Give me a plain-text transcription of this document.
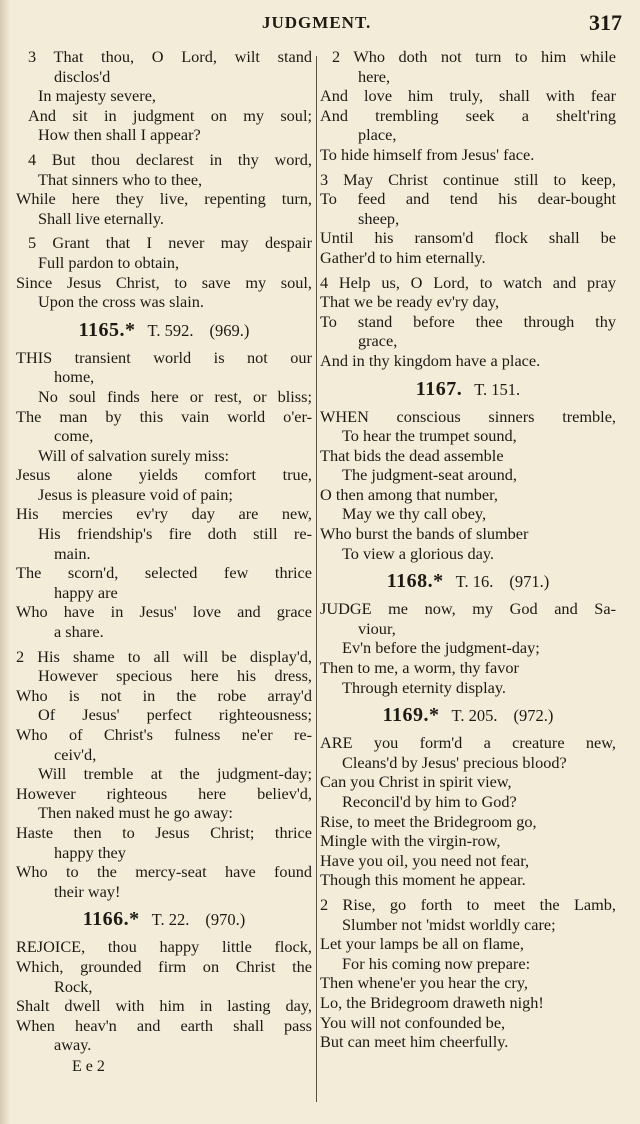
JUDGMENT.	317
3 That thou, O Lord, wilt stand
disclos'd
In majesty severe,
And sit in judgment on my soul;
How then shall I appear?
4 But thou declarest in thy word,
That sinners who to thee,
While here they live, repenting turn,
Shall live eternally.
5 Grant that I never may despair
Full pardon to obtain,
Since Jesus Christ, to save my soul,
Upon the cross was slain.
1165.* T. 592. (969.)
THIS transient world is not our
home,
No soul finds here or rest, or bliss;
The man by this vain world o'er-
come,
Will of salvation surely miss:
Jesus alone yields comfort true,
Jesus is pleasure void of pain;
His mercies ev'ry day are new,
His friendship's fire doth still re-
main.
The scorn'd, selected few thrice
happy are
Who have in Jesus' love and grace
a share.
2 His shame to all will be display'd,
However specious here his dress,
Who is not in the robe array'd
Of Jesus' perfect righteousness;
Who of Christ's fulness ne'er re-
ceiv'd,
Will tremble at the judgment-day;
However righteous here believ'd,
Then naked must he go away:
Haste then to Jesus Christ; thrice
happy they
Who to the mercy-seat have found
their way!
1166.* T. 22. (970.)
REJOICE, thou happy little flock,
Which, grounded firm on Christ the
Rock,
Shalt dwell with him in lasting day,
When heav'n and earth shall pass
away.
E e 2
2 Who doth not turn to him while
here,
And love him truly, shall with fear
And trembling seek a shelt'ring
place,
To hide himself from Jesus' face.
3 May Christ continue still to keep,
To feed and tend his dear-bought
sheep,
Until his ransom'd flock shall be
Gather'd to him eternally.
4 Help us, O Lord, to watch and pray
That we be ready ev'ry day,
To stand before thee through thy
grace,
And in thy kingdom have a place.
1167. T. 151.
WHEN conscious sinners tremble,
To hear the trumpet sound,
That bids the dead assemble
The judgment-seat around,
O then among that number,
May we thy call obey,
Who burst the bands of slumber
To view a glorious day.
1168.* T. 16. (971.)
JUDGE me now, my God and Sa-
viour,
Ev'n before the judgment-day;
Then to me, a worm, thy favor
Through eternity display.
1169.* T. 205. (972.)
ARE you form'd a creature new,
Cleans'd by Jesus' precious blood?
Can you Christ in spirit view,
Reconcil'd by him to God?
Rise, to meet the Bridegroom go,
Mingle with the virgin-row,
Have you oil, you need not fear,
Though this moment he appear.
2 Rise, go forth to meet the Lamb,
Slumber not 'midst worldly care;
Let your lamps be all on flame,
For his coming now prepare:
Then whene'er you hear the cry,
Lo, the Bridegroom draweth nigh!
You will not confounded be,
But can meet him cheerfully.
